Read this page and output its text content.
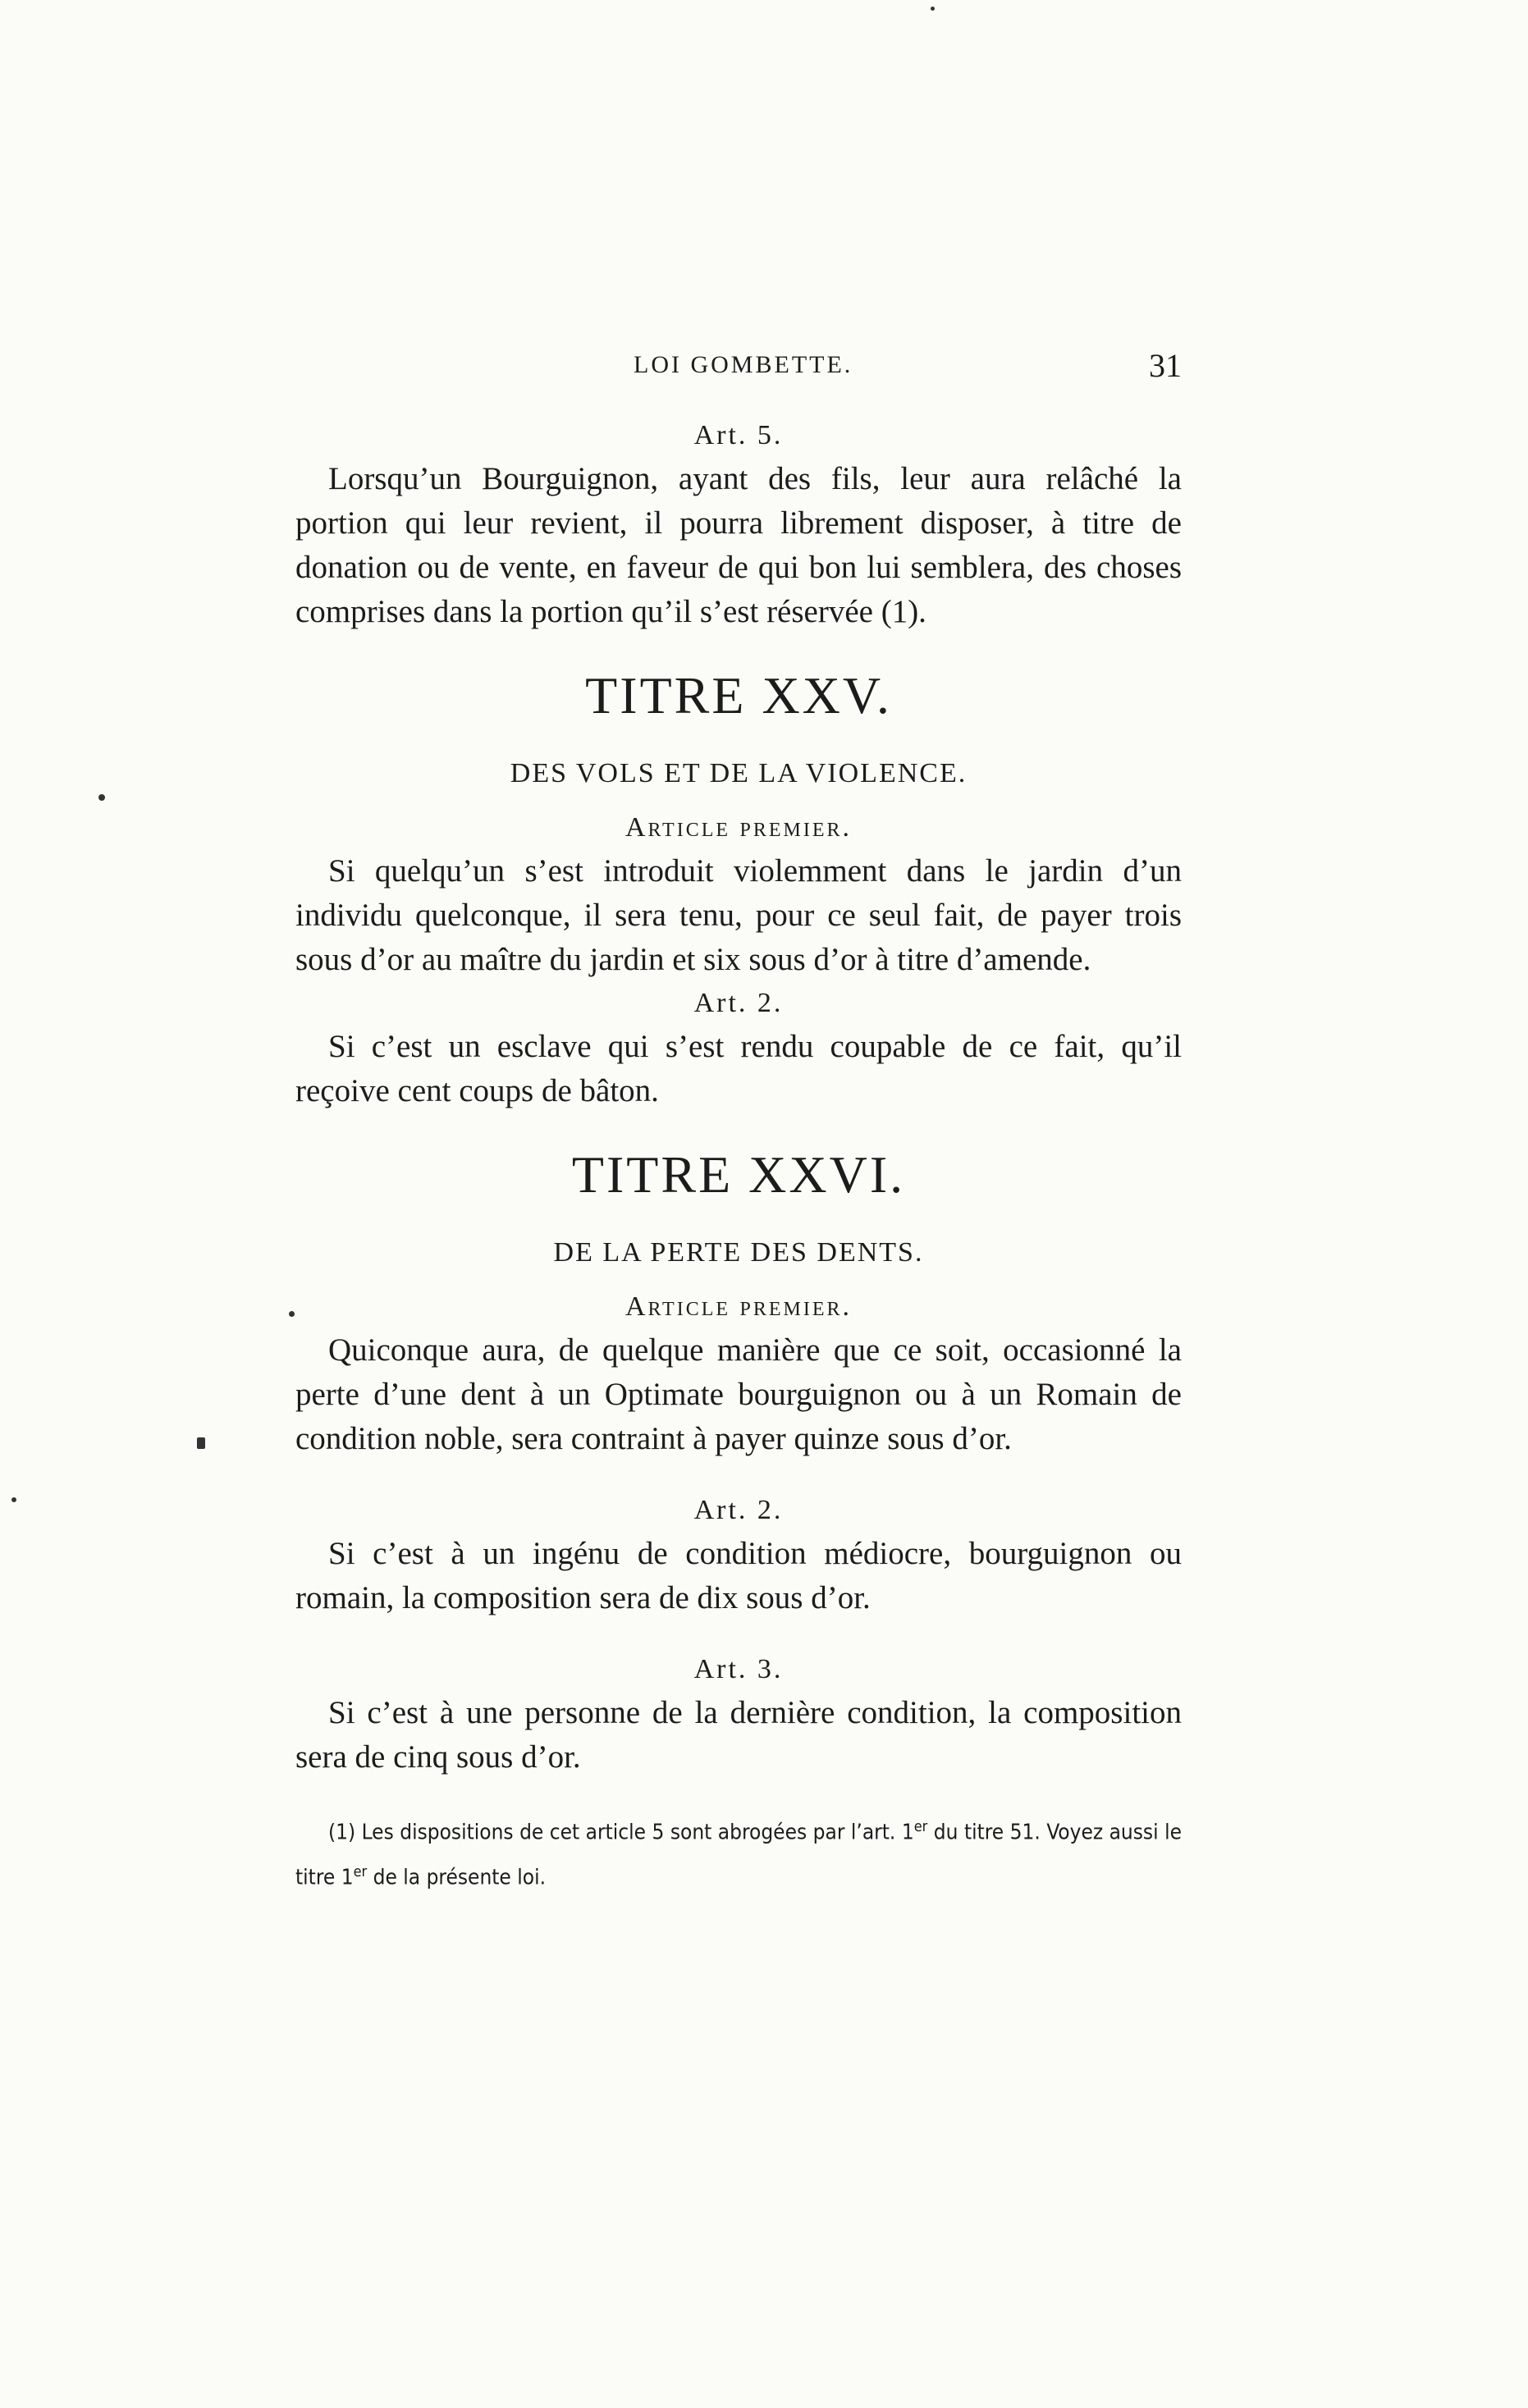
LOI GOMBETTE.	31

Art. 5.

Lorsqu’un Bourguignon, ayant des fils, leur aura relâché la portion qui leur revient, il pourra librement disposer, à titre de donation ou de vente, en faveur de qui bon lui semblera, des choses comprises dans la portion qu’il s’est réservée (1).

TITRE XXV.

DES VOLS ET DE LA VIOLENCE.

Article premier.

Si quelqu’un s’est introduit violemment dans le jardin d’un individu quelconque, il sera tenu, pour ce seul fait, de payer trois sous d’or au maître du jardin et six sous d’or à titre d’amende.

Art. 2.

Si c’est un esclave qui s’est rendu coupable de ce fait, qu’il reçoive cent coups de bâton.

TITRE XXVI.

DE LA PERTE DES DENTS.

Article premier.

Quiconque aura, de quelque manière que ce soit, occasionné la perte d’une dent à un Optimate bourguignon ou à un Romain de condition noble, sera contraint à payer quinze sous d’or.

Art. 2.

Si c’est à un ingénu de condition médiocre, bourguignon ou romain, la composition sera de dix sous d’or.

Art. 3.

Si c’est à une personne de la dernière condition, la composition sera de cinq sous d’or.

(1) Les dispositions de cet article 5 sont abrogées par l’art. 1er du titre 51. Voyez aussi le titre 1er de la présente loi.
